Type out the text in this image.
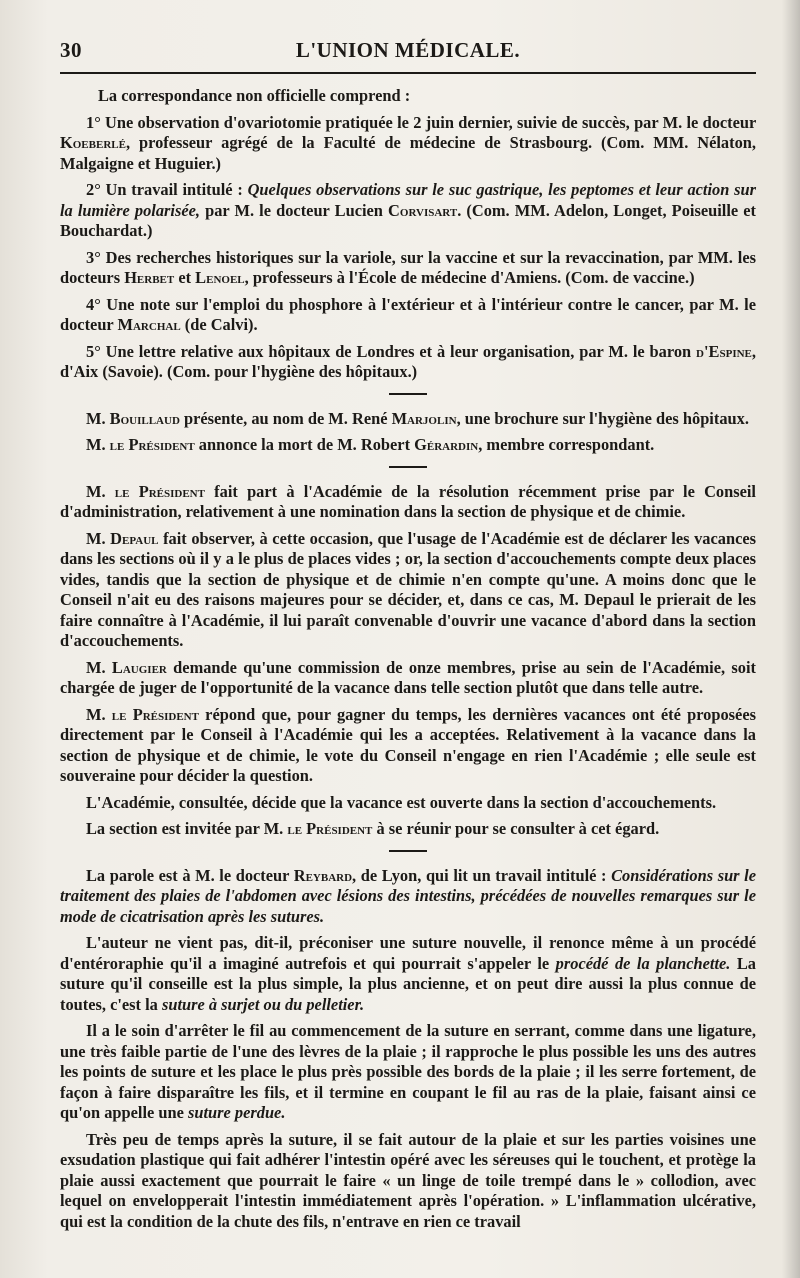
30	L'UNION MÉDICALE.

La correspondance non officielle comprend :

1° Une observation d'ovariotomie pratiquée le 2 juin dernier, suivie de succès, par M. le docteur Koeberlé, professeur agrégé de la Faculté de médecine de Strasbourg. (Com. MM. Nélaton, Malgaigne et Huguier.)

2° Un travail intitulé : Quelques observations sur le suc gastrique, les peptomes et leur action sur la lumière polarisée, par M. le docteur Lucien Corvisart. (Com. MM. Adelon, Longet, Poiseuille et Bouchardat.)

3° Des recherches historiques sur la variole, sur la vaccine et sur la revaccination, par MM. les docteurs Herbet et Lenoel, professeurs à l'École de médecine d'Amiens. (Com. de vaccine.)

4° Une note sur l'emploi du phosphore à l'extérieur et à l'intérieur contre le cancer, par M. le docteur Marchal (de Calvi).

5° Une lettre relative aux hôpitaux de Londres et à leur organisation, par M. le baron d'Espine, d'Aix (Savoie). (Com. pour l'hygiène des hôpitaux.)

M. Bouillaud présente, au nom de M. René Marjolin, une brochure sur l'hygiène des hôpitaux.

M. le Président annonce la mort de M. Robert Gérardin, membre correspondant.

M. le Président fait part à l'Académie de la résolution récemment prise par le Conseil d'administration, relativement à une nomination dans la section de physique et de chimie.

M. Depaul fait observer, à cette occasion, que l'usage de l'Académie est de déclarer les vacances dans les sections où il y a le plus de places vides ; or, la section d'accouchements compte deux places vides, tandis que la section de physique et de chimie n'en compte qu'une. A moins donc que le Conseil n'ait eu des raisons majeures pour se décider, et, dans ce cas, M. Depaul le prierait de les faire connaître à l'Académie, il lui paraît convenable d'ouvrir une vacance d'abord dans la section d'accouchements.

M. Laugier demande qu'une commission de onze membres, prise au sein de l'Académie, soit chargée de juger de l'opportunité de la vacance dans telle section plutôt que dans telle autre.

M. le Président répond que, pour gagner du temps, les dernières vacances ont été proposées directement par le Conseil à l'Académie qui les a acceptées. Relativement à la vacance dans la section de physique et de chimie, le vote du Conseil n'engage en rien l'Académie ; elle seule est souveraine pour décider la question.

L'Académie, consultée, décide que la vacance est ouverte dans la section d'accouchements.

La section est invitée par M. le Président à se réunir pour se consulter à cet égard.

La parole est à M. le docteur Reybard, de Lyon, qui lit un travail intitulé : Considérations sur le traitement des plaies de l'abdomen avec lésions des intestins, précédées de nouvelles remarques sur le mode de cicatrisation après les sutures.

L'auteur ne vient pas, dit-il, préconiser une suture nouvelle, il renonce même à un procédé d'entéroraphie qu'il a imaginé autrefois et qui pourrait s'appeler le procédé de la planchette. La suture qu'il conseille est la plus simple, la plus ancienne, et on peut dire aussi la plus connue de toutes, c'est la suture à surjet ou du pelletier.

Il a le soin d'arrêter le fil au commencement de la suture en serrant, comme dans une ligature, une très faible partie de l'une des lèvres de la plaie ; il rapproche le plus possible les uns des autres les points de suture et les place le plus près possible des bords de la plaie ; il les serre fortement, de façon à faire disparaître les fils, et il termine en coupant le fil au ras de la plaie, faisant ainsi ce qu'on appelle une suture perdue.

Très peu de temps après la suture, il se fait autour de la plaie et sur les parties voisines une exsudation plastique qui fait adhérer l'intestin opéré avec les séreuses qui le touchent, et protège la plaie aussi exactement que pourrait le faire « un linge de toile trempé dans le » collodion, avec lequel on envelopperait l'intestin immédiatement après l'opération. » L'inflammation ulcérative, qui est la condition de la chute des fils, n'entrave en rien ce travail
